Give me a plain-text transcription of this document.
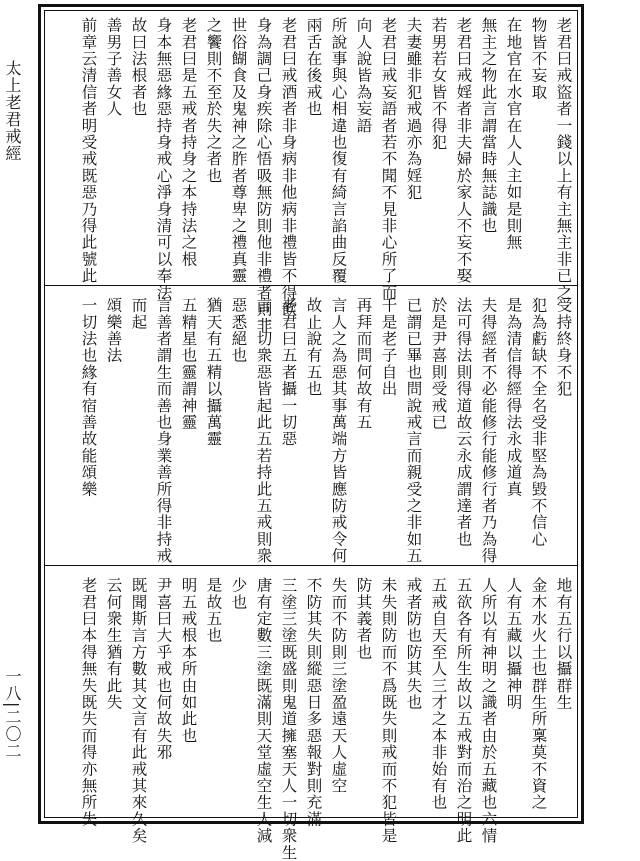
太上老君戒經
一八|二〇二
老君曰戒盜者一錢以上有主無主非已之
物皆不妄取
在地官在水官在人人主如是則無
無主之物此言謂當時無誌識也
老君曰戒婬者非夫婦於家人不妄不娶
若男若女皆不得犯
夫妻雖非犯戒過亦為婬犯
老君曰戒妄語者若不聞不見非心所了而
向人說皆為妄語
所說事與心相違也復有綺言諂曲反覆
兩舌在後戒也
老君曰戒酒者非身病非他病非禮皆不得飲
身為調己身疾除心悟吸無防則他非禮者則非
世俗餬食及鬼神之胙者尊卑之禮真靈
之饗則不至於失之者也
老君曰是五戒者持身之本持法之根
身本無惡緣惡持身戒心淨身清可以奉法
故曰法根者也
善男子善女人
前章云清信者明受戒既惡乃得此號此
受持終身不犯
犯為虧缺不全名受非堅為毀不信心
是為清信得經得法永成道真
夫得經者不必能修行能修行者乃為得
法可得法則得道故云永成謂達者也
於是尹喜則受戒已
已謂已畢也問說戒言而親受之非如五
千是老子自出
再拜而問何故有五
言人之為惡其事萬端方皆應防戒令何
故止說有五也
老君曰五者攝一切惡
言一切衆惡皆起此五若持此五戒則衆
惡悉絕也
猶天有五精以攝萬靈
五精星也靈謂神靈
言善者謂生而善也身業善所得非持戒
而起
頌樂善法
一切法也緣有宿善故能頌樂
地有五行以攝群生
金木水火土也群生所稟莫不資之
人有五藏以攝神明
人所以有神明之識者由於五藏也六情
五欲各有所生故以五戒對而治之明此
五戒自天至人三才之本非始有也
戒者防也防其失也
未失則防而不爲既失則戒而不犯皆是
防其義者也
失而不防則三塗盈遠天人虛空
不防其失則縱惡日多惡報對則充滿
三塗三塗既盛則鬼道擁塞天人一切衆生
唐有定數三塗既滿則天堂虛空生人減
少也
是故五也
明五戒根本所由如此也
尹喜曰大乎戒也何故失邪
既聞斯言方數其文言有此戒其來久矣
云何衆生猶有此失
老君曰本得無失既失而得亦無所失
